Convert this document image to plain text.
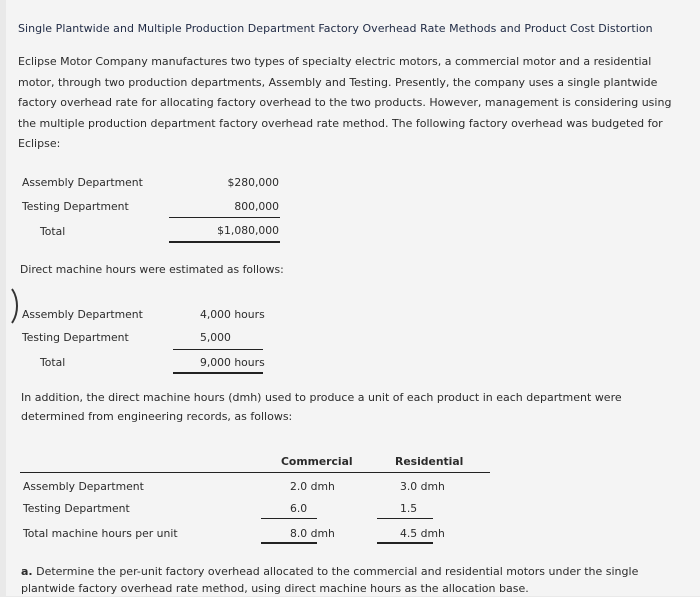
Single Plantwide and Multiple Production Department Factory Overhead Rate Methods and Product Cost Distortion
Eclipse Motor Company manufactures two types of specialty electric motors, a commercial motor and a residential motor, through two production departments, Assembly and Testing. Presently, the company uses a single plantwide factory overhead rate for allocating factory overhead to the two products. However, management is considering using the multiple production department factory overhead rate method. The following factory overhead was budgeted for Eclipse:
Assembly Department	$280,000
Testing Department	800,000
Total	$1,080,000
Direct machine hours were estimated as follows:
Assembly Department	4,000 hours
Testing Department	5,000
Total	9,000 hours
In addition, the direct machine hours (dmh) used to produce a unit of each product in each department were determined from engineering records, as follows:
Commercial	Residential
Assembly Department	2.0 dmh	3.0 dmh
Testing Department	6.0	1.5
Total machine hours per unit	8.0 dmh	4.5 dmh
a. Determine the per-unit factory overhead allocated to the commercial and residential motors under the single plantwide factory overhead rate method, using direct machine hours as the allocation base.
